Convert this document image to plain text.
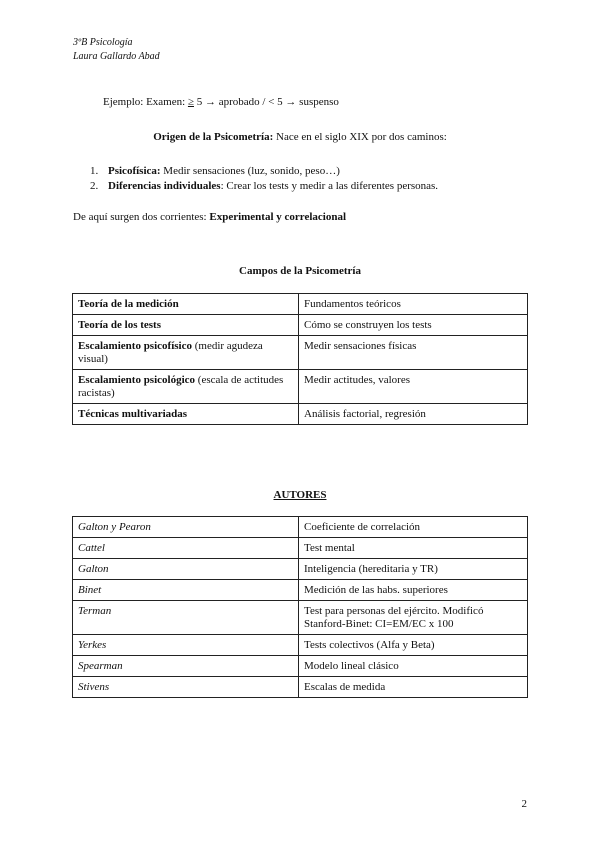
3ºB Psicología
Laura Gallardo Abad
Ejemplo: Examen: ≥ 5 → aprobado / < 5 → suspenso
Origen de la Psicometría: Nace en el siglo XIX por dos caminos:
1. Psicofísica: Medir sensaciones (luz, sonido, peso…)
2. Diferencias individuales: Crear los tests y medir a las diferentes personas.
De aquí surgen dos corrientes: Experimental y correlacional
Campos de la Psicometría
Teoría de la medición	Fundamentos teóricos
Teoría de los tests	Cómo se construyen los tests
Escalamiento psicofísico (medir agudeza visual)	Medir sensaciones físicas
Escalamiento psicológico (escala de actitudes racistas)	Medir actitudes, valores
Técnicas multivariadas	Análisis factorial, regresión
AUTORES
Galton y Pearon	Coeficiente de correlación
Cattel	Test mental
Galton	Inteligencia (hereditaria y TR)
Binet	Medición de las habs. superiores
Terman	Test para personas del ejército. Modificó Stanford-Binet: CI=EM/EC x 100
Yerkes	Tests colectivos (Alfa y Beta)
Spearman	Modelo lineal clásico
Stivens	Escalas de medida
2
